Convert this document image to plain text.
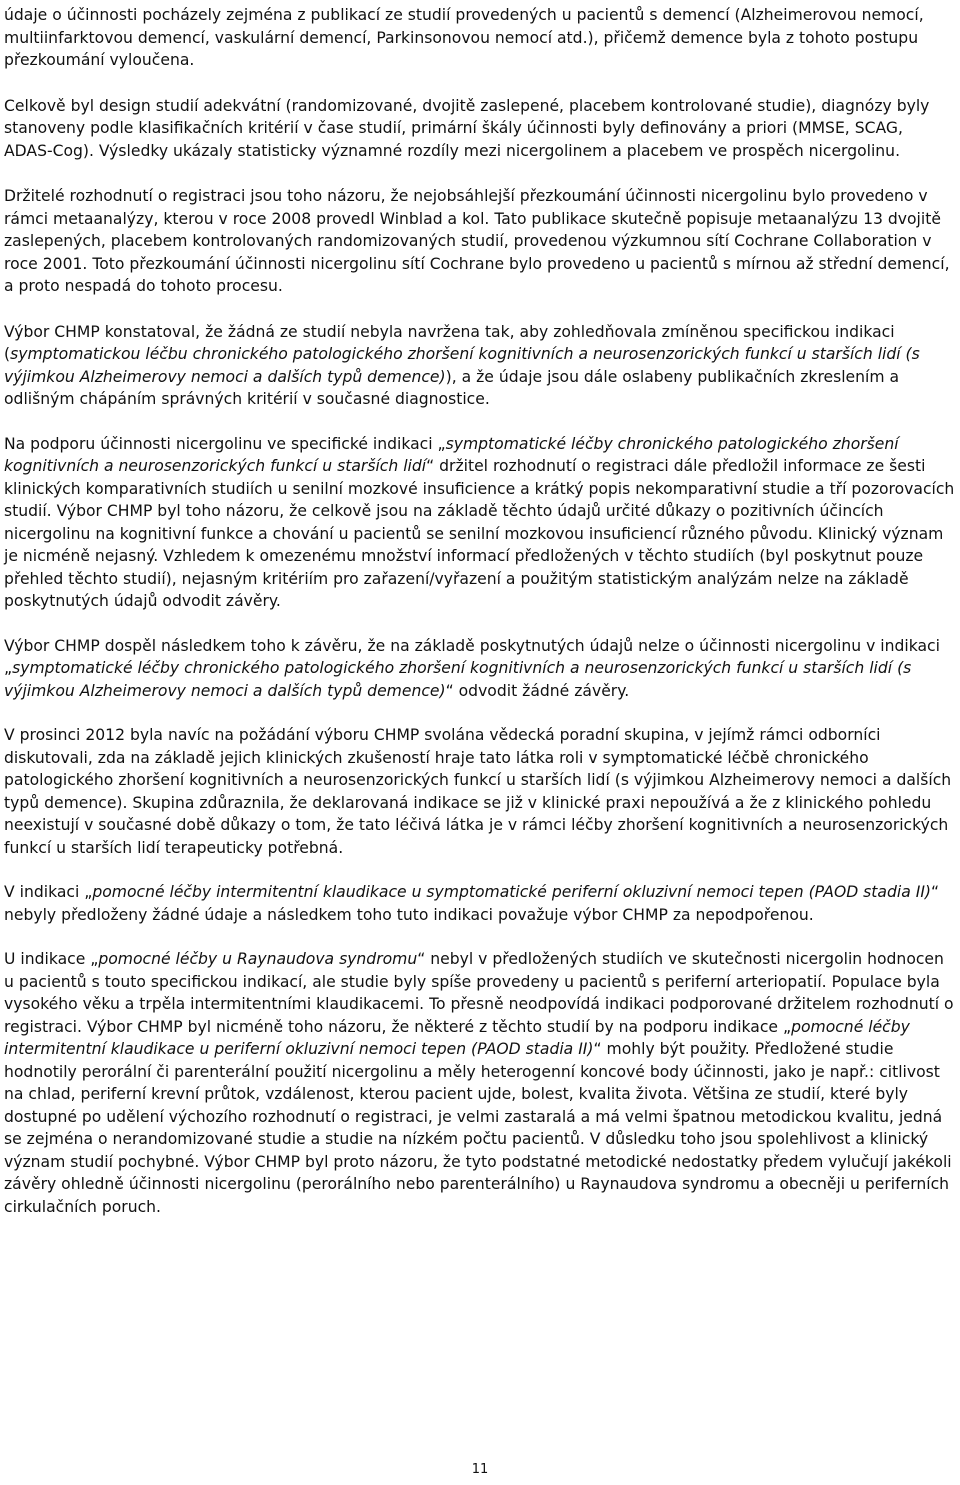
údaje o účinnosti pocházely zejména z publikací ze studií provedených u pacientů s demencí (Alzheimerovou nemocí, multiinfarktovou demencí, vaskulární demencí, Parkinsonovou nemocí atd.), přičemž demence byla z tohoto postupu přezkoumání vyloučena.

Celkově byl design studií adekvátní (randomizované, dvojitě zaslepené, placebem kontrolované studie), diagnózy byly stanoveny podle klasifikačních kritérií v čase studií, primární škály účinnosti byly definovány a priori (MMSE, SCAG, ADAS-Cog). Výsledky ukázaly statisticky významné rozdíly mezi nicergolinem a placebem ve prospěch nicergolinu.

Držitelé rozhodnutí o registraci jsou toho názoru, že nejobsáhlejší přezkoumání účinnosti nicergolinu bylo provedeno v rámci metaanalýzy, kterou v roce 2008 provedl Winblad a kol. Tato publikace skutečně popisuje metaanalýzu 13 dvojitě zaslepených, placebem kontrolovaných randomizovaných studií, provedenou výzkumnou sítí Cochrane Collaboration v roce 2001. Toto přezkoumání účinnosti nicergolinu sítí Cochrane bylo provedeno u pacientů s mírnou až střední demencí, a proto nespadá do tohoto procesu.

Výbor CHMP konstatoval, že žádná ze studií nebyla navržena tak, aby zohledňovala zmíněnou specifickou indikaci (symptomatickou léčbu chronického patologického zhoršení kognitivních a neurosenzorických funkcí u starších lidí (s výjimkou Alzheimerovy nemoci a dalších typů demence)), a že údaje jsou dále oslabeny publikačních zkreslením a odlišným chápáním správných kritérií v současné diagnostice.

Na podporu účinnosti nicergolinu ve specifické indikaci „symptomatické léčby chronického patologického zhoršení kognitivních a neurosenzorických funkcí u starších lidí“ držitel rozhodnutí o registraci dále předložil informace ze šesti klinických komparativních studiích u senilní mozkové insuficience a krátký popis nekomparativní studie a tří pozorovacích studií. Výbor CHMP byl toho názoru, že celkově jsou na základě těchto údajů určité důkazy o pozitivních účincích nicergolinu na kognitivní funkce a chování u pacientů se senilní mozkovou insuficiencí různého původu. Klinický význam je nicméně nejasný. Vzhledem k omezenému množství informací předložených v těchto studiích (byl poskytnut pouze přehled těchto studií), nejasným kritériím pro zařazení/vyřazení a použitým statistickým analýzám nelze na základě poskytnutých údajů odvodit závěry.

Výbor CHMP dospěl následkem toho k závěru, že na základě poskytnutých údajů nelze o účinnosti nicergolinu v indikaci „symptomatické léčby chronického patologického zhoršení kognitivních a neurosenzorických funkcí u starších lidí (s výjimkou Alzheimerovy nemoci a dalších typů demence)“ odvodit žádné závěry.

V prosinci 2012 byla navíc na požádání výboru CHMP svolána vědecká poradní skupina, v jejímž rámci odborníci diskutovali, zda na základě jejich klinických zkušeností hraje tato látka roli v symptomatické léčbě chronického patologického zhoršení kognitivních a neurosenzorických funkcí u starších lidí (s výjimkou Alzheimerovy nemoci a dalších typů demence). Skupina zdůraznila, že deklarovaná indikace se již v klinické praxi nepoužívá a že z klinického pohledu neexistují v současné době důkazy o tom, že tato léčivá látka je v rámci léčby zhoršení kognitivních a neurosenzorických funkcí u starších lidí terapeuticky potřebná.

V indikaci „pomocné léčby intermitentní klaudikace u symptomatické periferní okluzivní nemoci tepen (PAOD stadia II)“ nebyly předloženy žádné údaje a následkem toho tuto indikaci považuje výbor CHMP za nepodpořenou.

U indikace „pomocné léčby u Raynaudova syndromu“ nebyl v předložených studiích ve skutečnosti nicergolin hodnocen u pacientů s touto specifickou indikací, ale studie byly spíše provedeny u pacientů s periferní arteriopatií. Populace byla vysokého věku a trpěla intermitentními klaudikacemi. To přesně neodpovídá indikaci podporované držitelem rozhodnutí o registraci. Výbor CHMP byl nicméně toho názoru, že některé z těchto studií by na podporu indikace „pomocné léčby intermitentní klaudikace u periferní okluzivní nemoci tepen (PAOD stadia II)“ mohly být použity. Předložené studie hodnotily perorální či parenterální použití nicergolinu a měly heterogenní koncové body účinnosti, jako je např.: citlivost na chlad, periferní krevní průtok, vzdálenost, kterou pacient ujde, bolest, kvalita života. Většina ze studií, které byly dostupné po udělení výchozího rozhodnutí o registraci, je velmi zastaralá a má velmi špatnou metodickou kvalitu, jedná se zejména o nerandomizované studie a studie na nízkém počtu pacientů. V důsledku toho jsou spolehlivost a klinický význam studií pochybné. Výbor CHMP byl proto názoru, že tyto podstatné metodické nedostatky předem vylučují jakékoli závěry ohledně účinnosti nicergolinu (perorálního nebo parenterálního) u Raynaudova syndromu a obecněji u periferních cirkulačních poruch.

11
